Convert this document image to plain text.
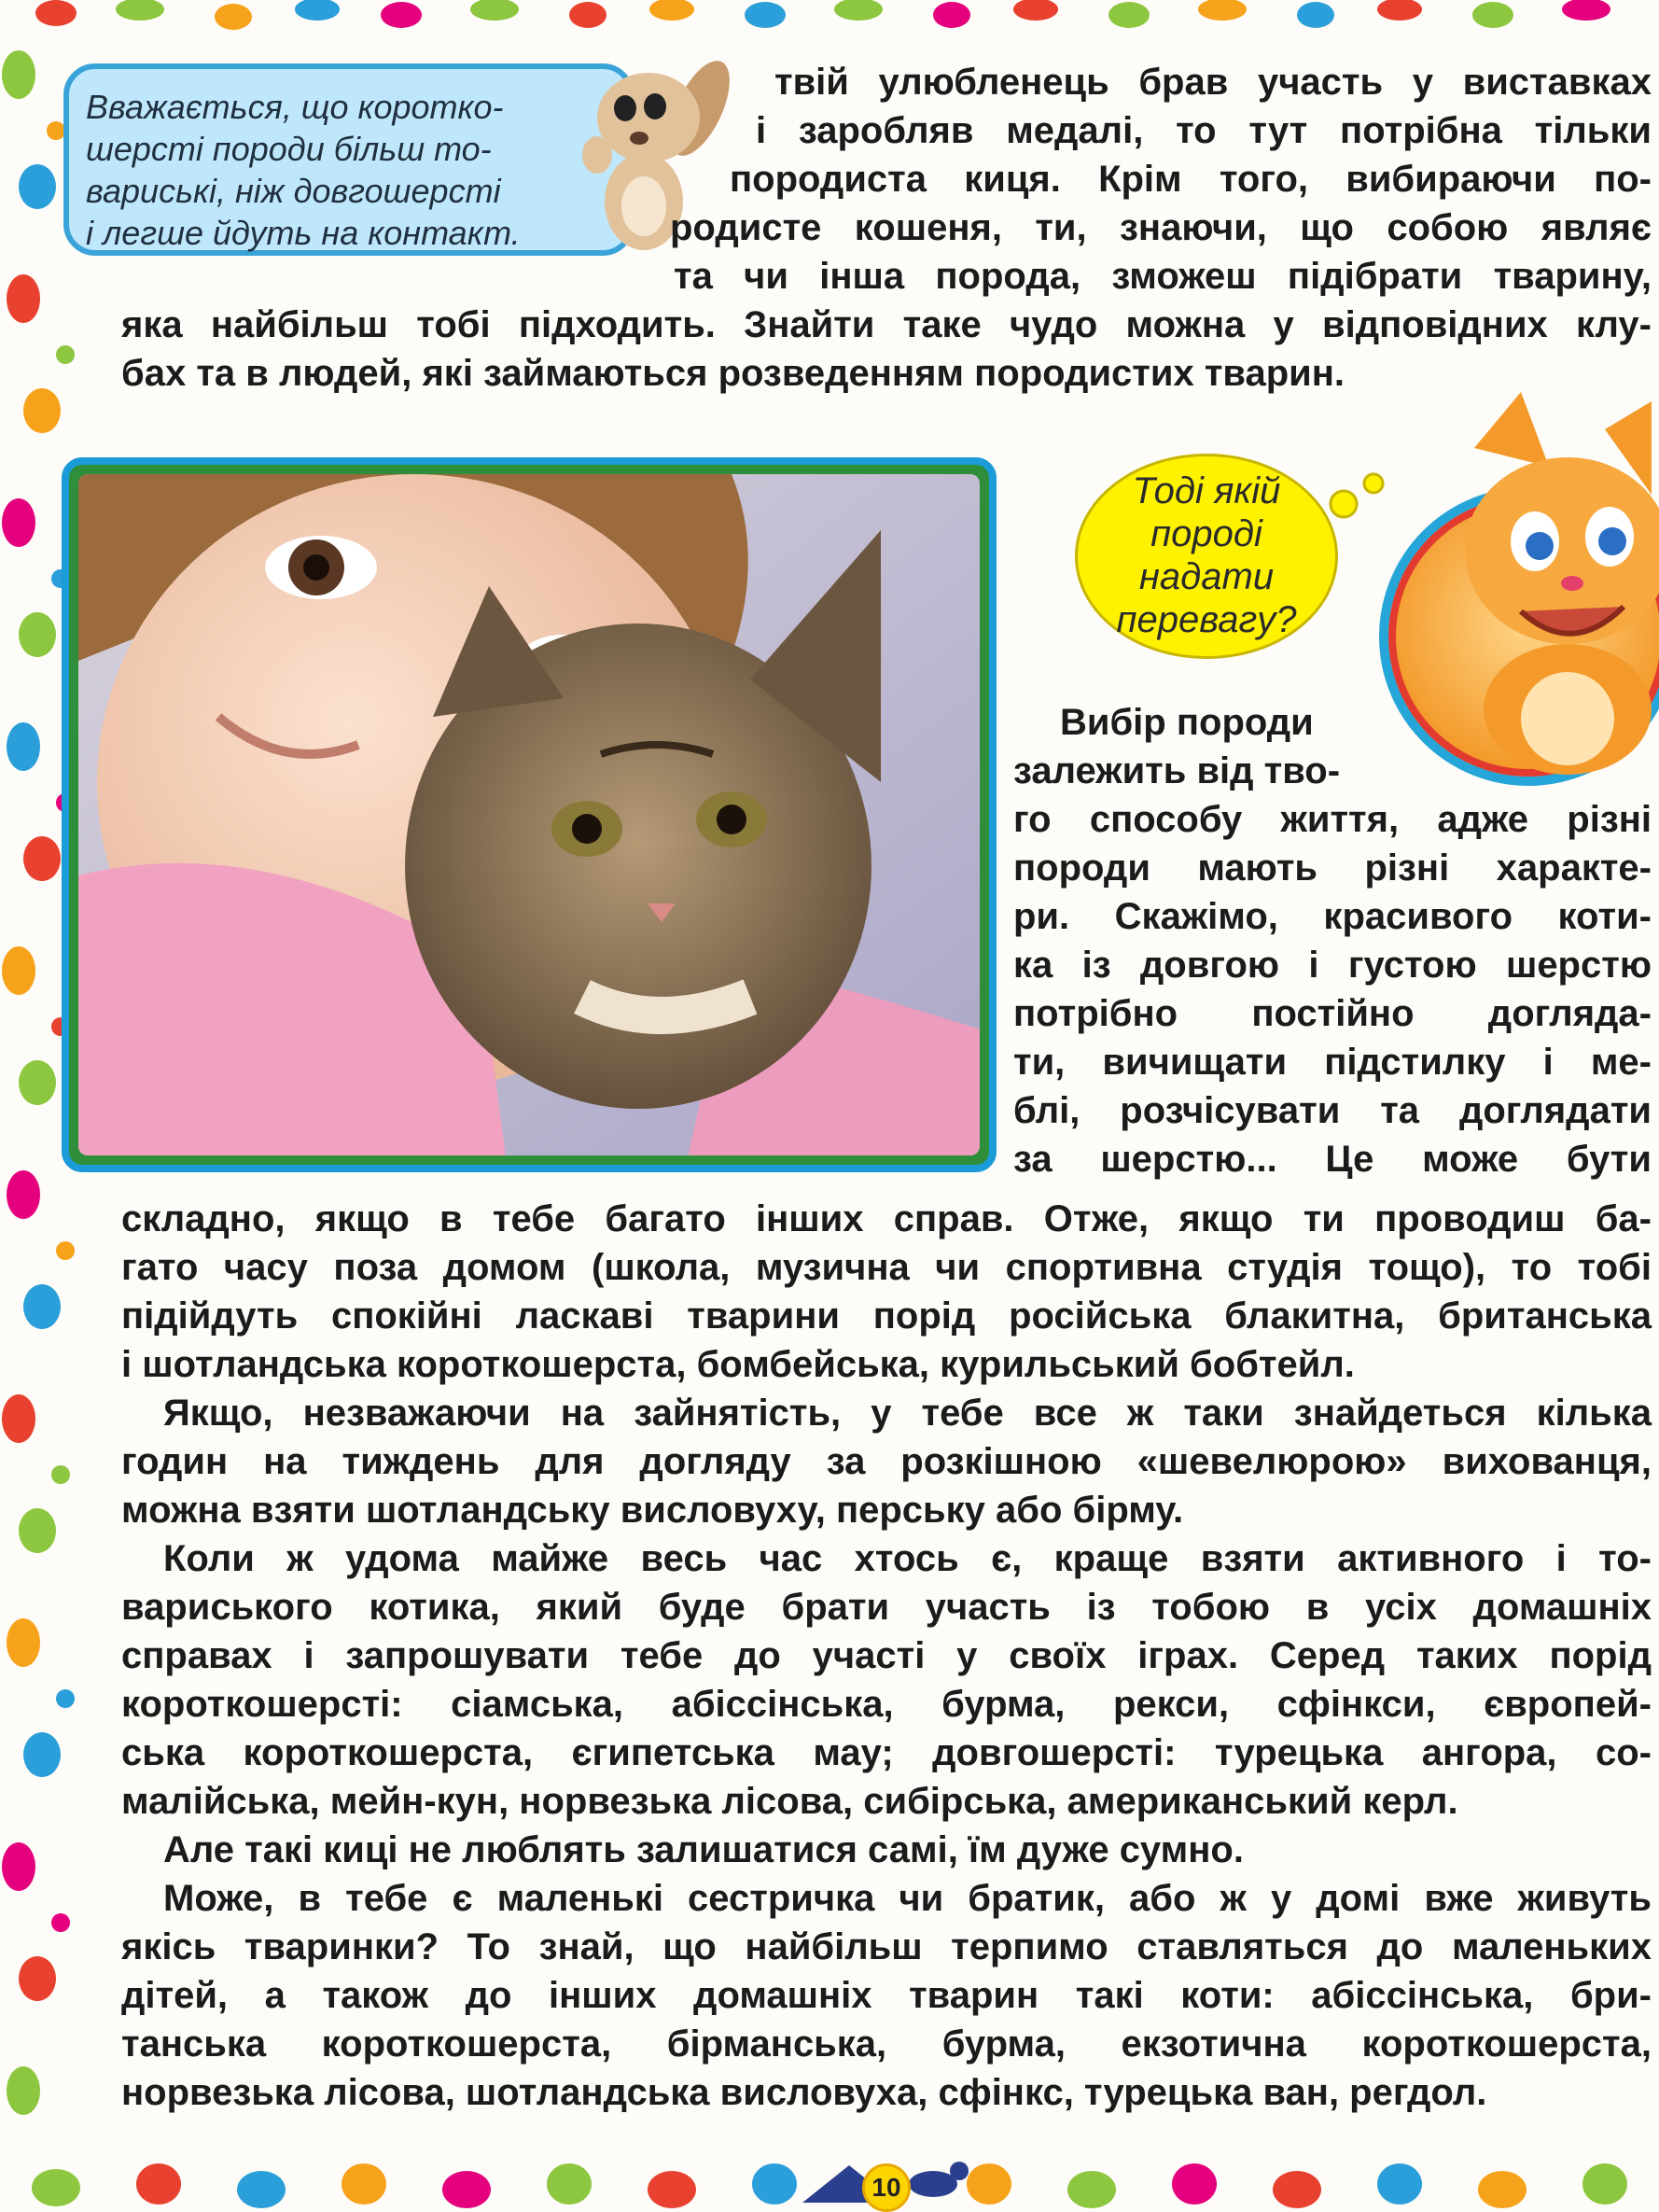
Вважається, що коротко-
шерсті породи більш то-
вариські, ніж довгошерсті
і легше йдуть на контакт.
твій улюбленець брав участь у виставках
і заробляв медалі, то тут потрібна тільки
породиста киця. Крім того, вибираючи по-
родисте кошеня, ти, знаючи, що собою являє
та чи інша порода, зможеш підібрати тварину,
яка найбільш тобі підходить. Знайти таке чудо можна у відповідних клу-
бах та в людей, які займаються розведенням породистих тварин.
Тоді якій
породі
надати
перевагу?
Вибір породи
залежить від тво-
го способу життя, адже різні
породи мають різні характе-
ри. Скажімо, красивого коти-
ка із довгою і густою шерстю
потрібно постійно догляда-
ти, вичищати підстилку і ме-
блі, розчісувати та доглядати
за шерстю... Це може бути
складно, якщо в тебе багато інших справ. Отже, якщо ти проводиш ба-
гато часу поза домом (школа, музична чи спортивна студія тощо), то тобі
підійдуть спокійні ласкаві тварини порід російська блакитна, британська
і шотландська короткошерста, бомбейська, курильський бобтейл.
Якщо, незважаючи на зайнятість, у тебе все ж таки знайдеться кілька
годин на тиждень для догляду за розкішною «шевелюрою» вихованця,
можна взяти шотландську висловуху, перську або бірму.
Коли ж удома майже весь час хтось є, краще взяти активного і то-
вариського котика, який буде брати участь із тобою в усіх домашніх
справах і запрошувати тебе до участі у своїх іграх. Серед таких порід
короткошерсті: сіамська, абіссінська, бурма, рекси, сфінкси, європей-
ська короткошерста, єгипетська мау; довгошерсті: турецька ангора, со-
малійська, мейн-кун, норвезька лісова, сибірська, американський керл.
Але такі киці не люблять залишатися самі, їм дуже сумно.
Може, в тебе є маленькі сестричка чи братик, або ж у домі вже живуть
якісь тваринки? То знай, що найбільш терпимо ставляться до маленьких
дітей, а також до інших домашніх тварин такі коти: абіссінська, бри-
танська короткошерста, бірманська, бурма, екзотична короткошерста,
норвезька лісова, шотландська висловуха, сфінкс, турецька ван, регдол.
10
